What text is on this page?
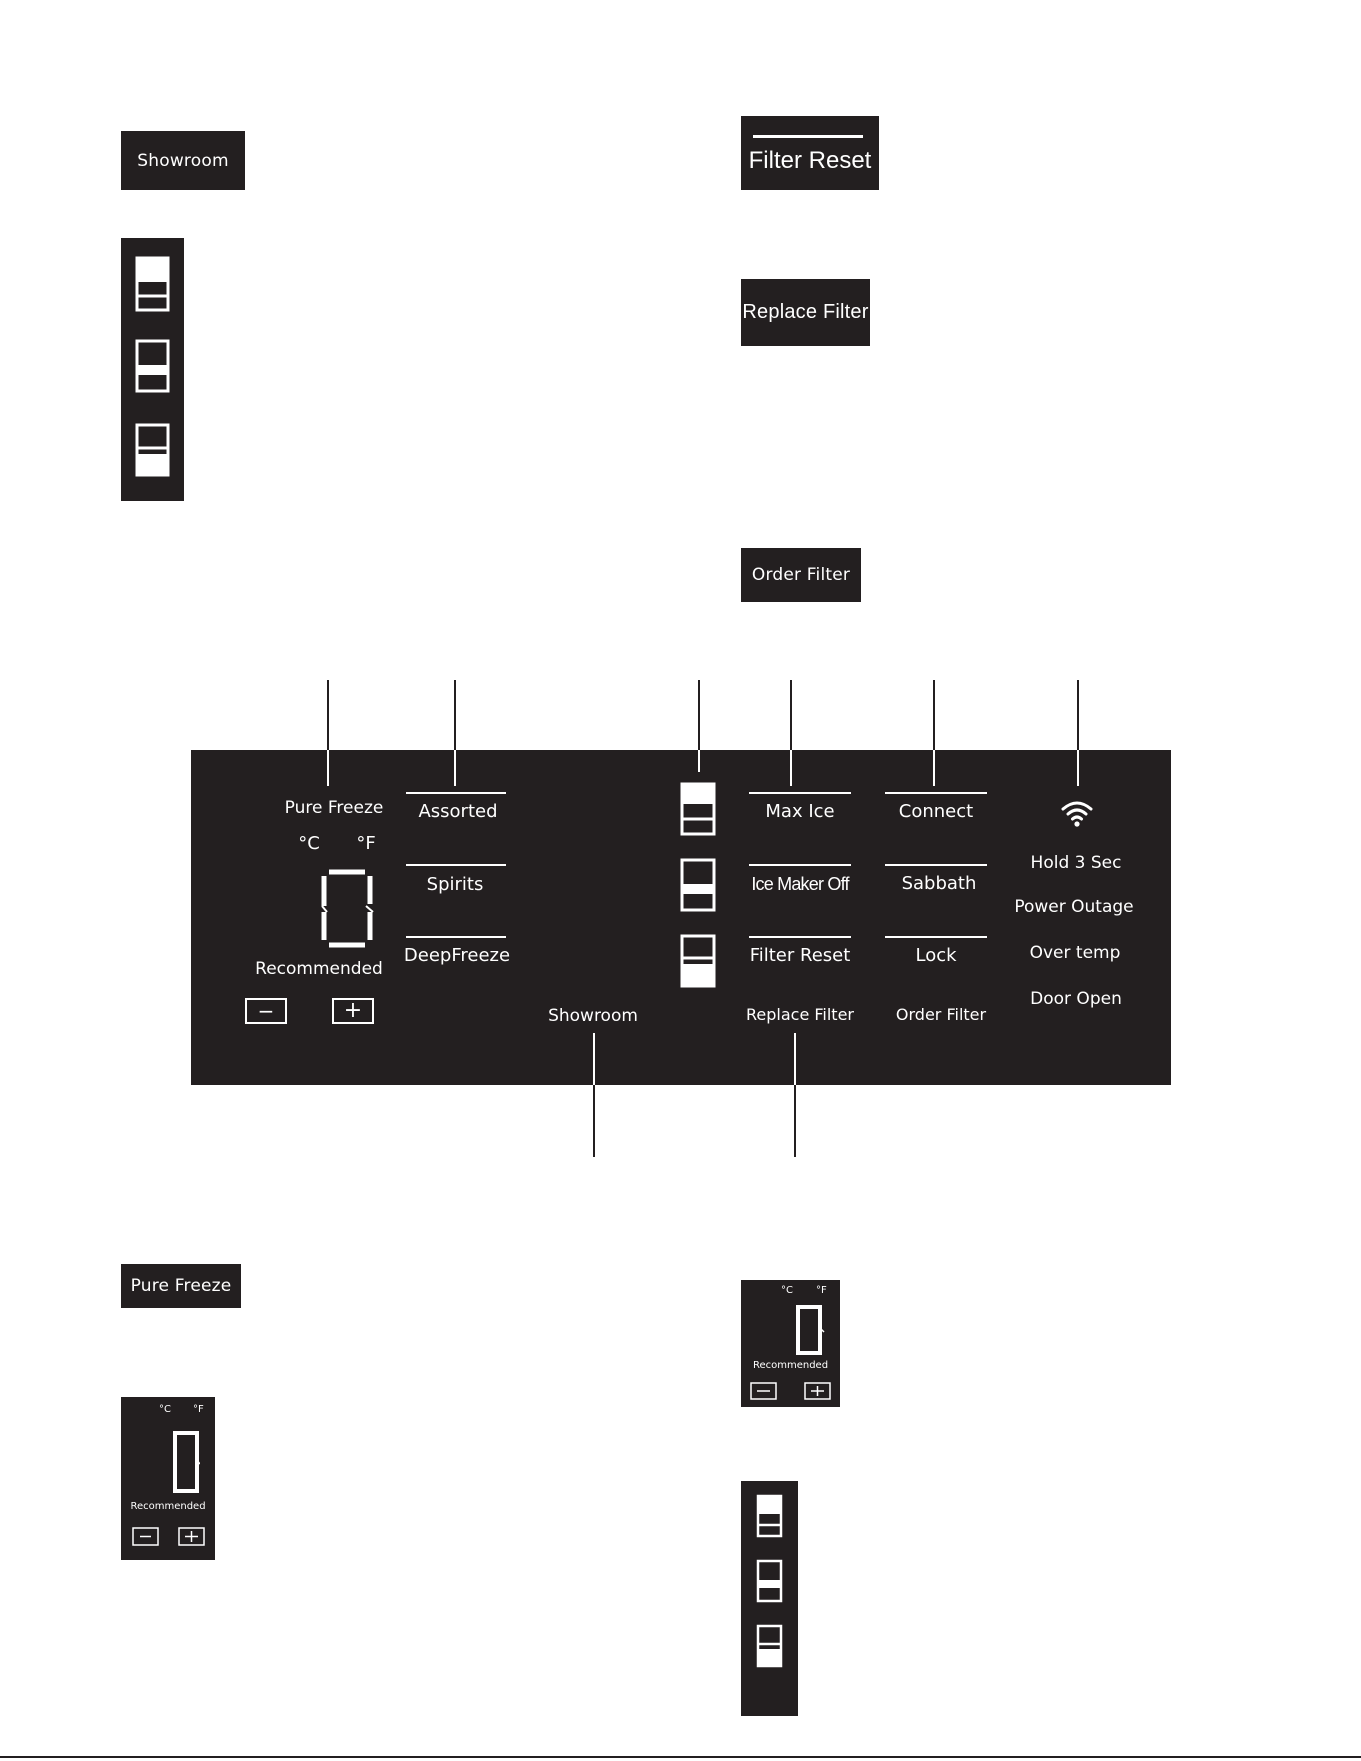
Showroom	Filter Reset
Replace Filter
Order Filter
Pure Freeze
°C °F
Recommended
−	+
Assorted
Spirits
DeepFreeze
Showroom
Max Ice
Ice Maker Off
Filter Reset
Replace Filter
Connect
Sabbath
Lock
Order Filter
Hold 3 Sec
Power Outage
Over temp
Door Open
Pure Freeze
°C °F
Recommended
°C °F
Recommended
